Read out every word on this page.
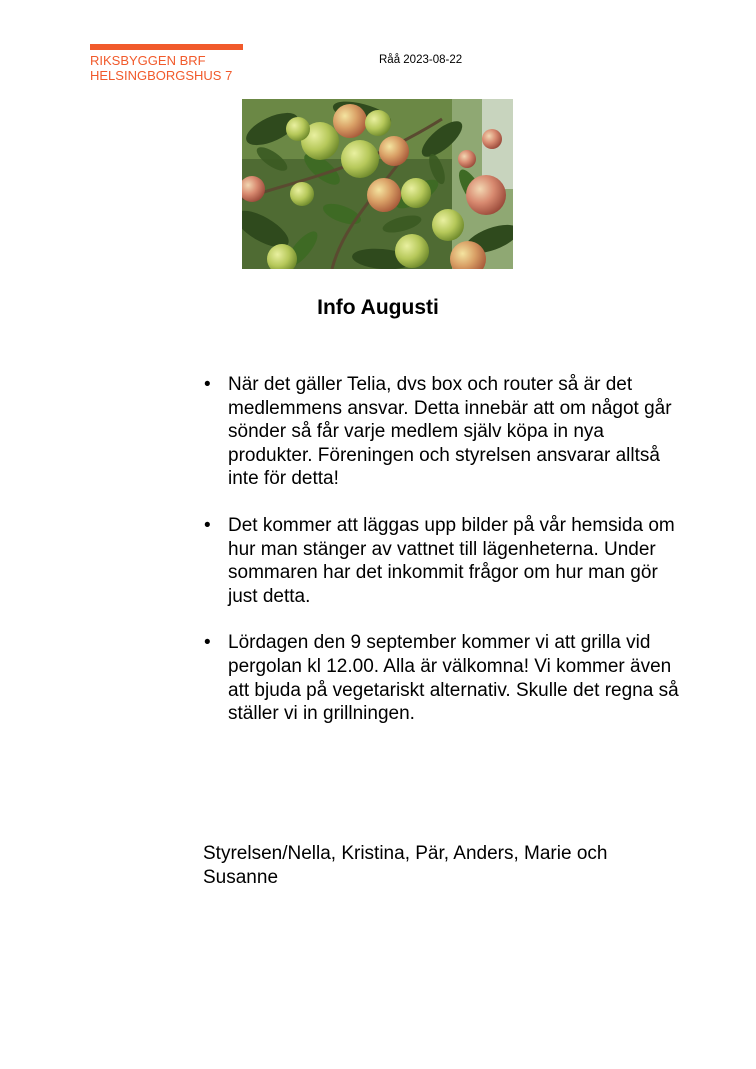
RIKSBYGGEN BRF
HELSINGBORGSHUS 7
Råå 2023-08-22
Info Augusti
• När det gäller Telia, dvs box och router så är det medlemmens ansvar. Detta innebär att om något går sönder så får varje medlem själv köpa in nya produkter. Föreningen och styrelsen ansvarar alltså inte för detta!
• Det kommer att läggas upp bilder på vår hemsida om hur man stänger av vattnet till lägenheterna. Under sommaren har det inkommit frågor om hur man gör just detta.
• Lördagen den 9 september kommer vi att grilla vid pergolan kl 12.00. Alla är välkomna! Vi kommer även att bjuda på vegetariskt alternativ. Skulle det regna så ställer vi in grillningen.
Styrelsen/Nella, Kristina, Pär, Anders, Marie och Susanne
